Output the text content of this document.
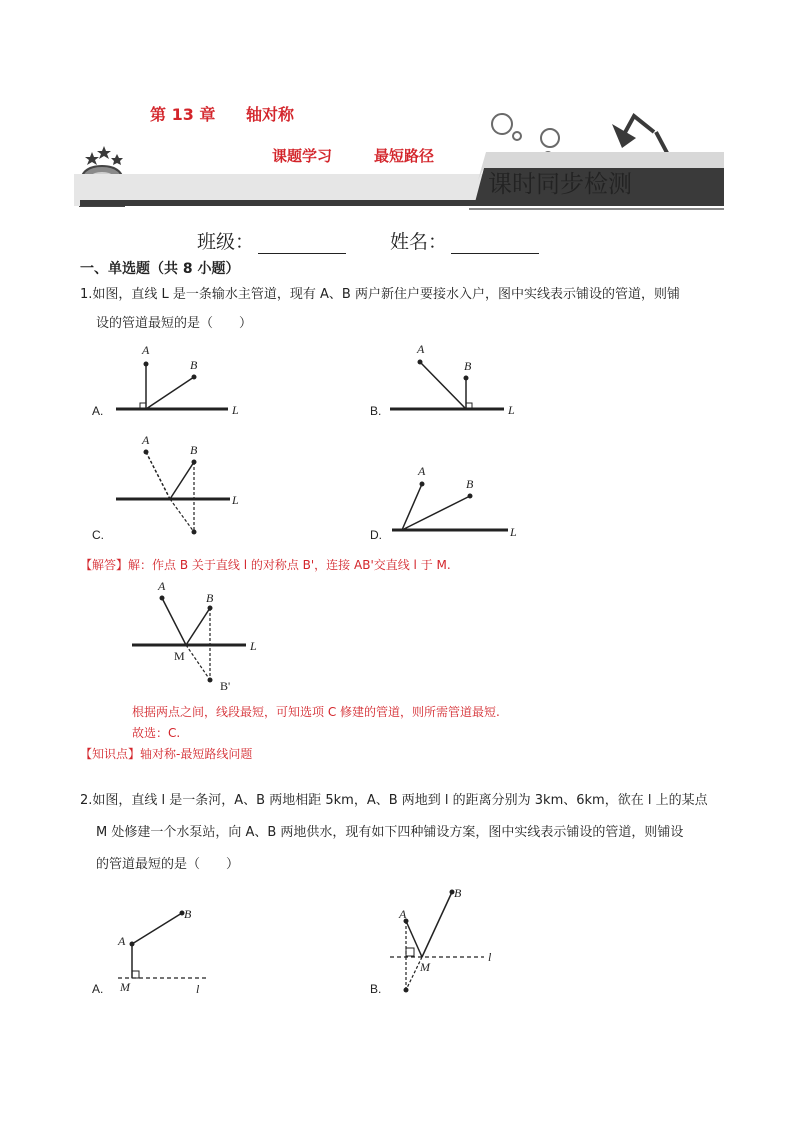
第 13 章 轴对称
课题学习	最短路径
课时同步检测
班级：	姓名：
一、单选题（共 8 小题）
1.如图，直线 L 是一条输水主管道，现有 A、B 两户新住户要接水入户，图中实线表示铺设的管道，则铺
设的管道最短的是（　　）
A.
A
B
L	B.
A
B
L
C.
A
B
L
D.
A
B
L
【解答】解：作点 B 关于直线 l 的对称点 B'，连接 AB'交直线 l 于 M.
A
B
L
M
B'
根据两点之间，线段最短，可知选项 C 修建的管道，则所需管道最短.
故选：C.
【知识点】轴对称-最短路线问题
2.如图，直线 l 是一条河，A、B 两地相距 5km，A、B 两地到 l 的距离分别为 3km、6km，欲在 l 上的某点
M 处修建一个水泵站，向 A、B 两地供水，现有如下四种铺设方案，图中实线表示铺设的管道，则铺设
的管道最短的是（　　）
A.
A
B
M	l	B.
A
B
M
l
